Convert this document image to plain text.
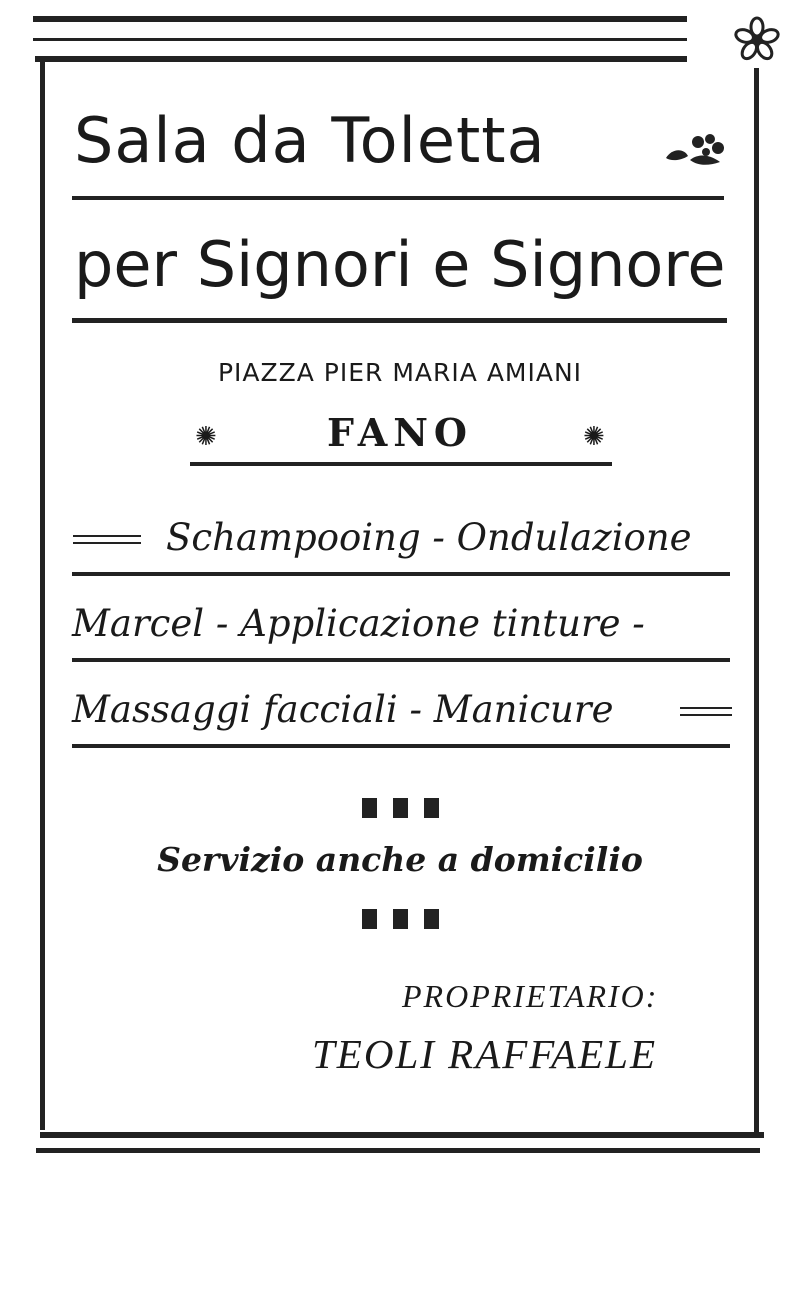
Sala da Toletta
per Signori e Signore
PIAZZA PIER MARIA AMIANI
✺	FANO	✺

Schampooing - Ondulazione

Marcel - Applicazione tinture -

Massaggi facciali - Manicure

Servizio anche a domicilio
PROPRIETARIO:
TEOLI RAFFAELE
